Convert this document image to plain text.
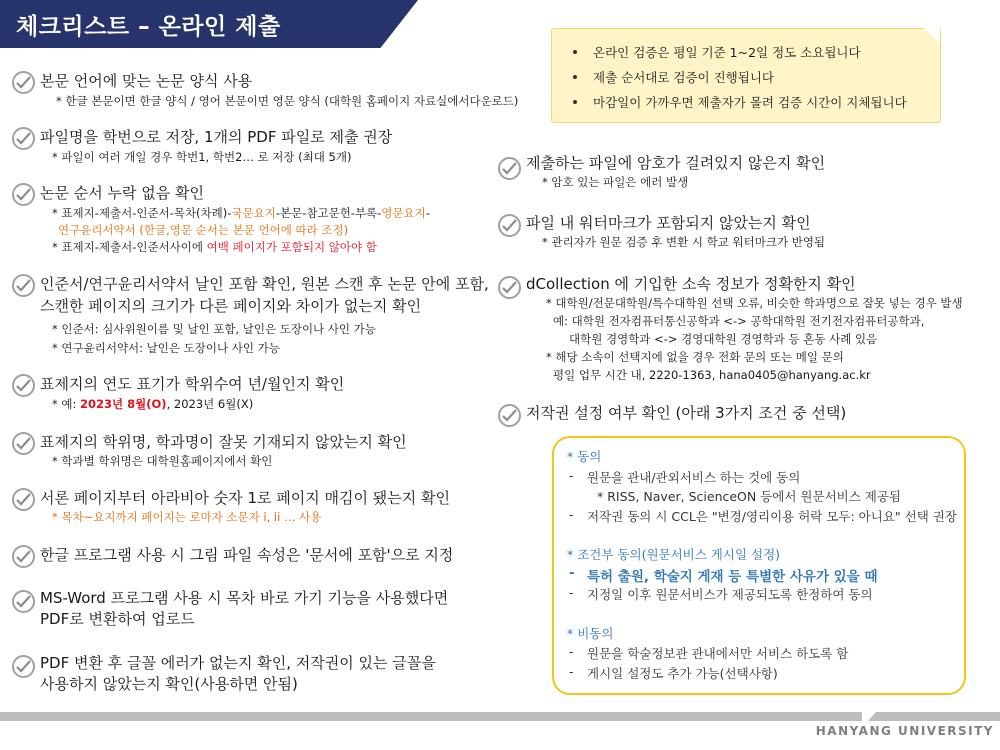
체크리스트 – 온라인 제출
온라인 검증은 평일 기준 1~2일 정도 소요됩니다
제출 순서대로 검증이 진행됩니다
마감일이 가까우면 제출자가 몰려 검증 시간이 지체됩니다
본문 언어에 맞는 논문 양식 사용
* 한글 본문이면 한글 양식 / 영어 본문이면 영문 양식 (대학원 홈페이지 자료실에서다운로드)
파일명을 학번으로 저장, 1개의 PDF 파일로 제출 권장
* 파일이 여러 개일 경우 학번1, 학번2… 로 저장 (최대 5개)
논문 순서 누락 없음 확인
* 표제지-제출서-인준서-목차(차례)-국문요지-본문-참고문헌-부록-영문요지-
연구윤리서약서 (한글,영문 순서는 본문 언어에 따라 조정)
* 표제지-제출서-인준서사이에 여백 페이지가 포함되지 않아야 함
인준서/연구윤리서약서 날인 포함 확인, 원본 스캔 후 논문 안에 포함,
스캔한 페이지의 크기가 다른 페이지와 차이가 없는지 확인
* 인준서: 심사위원이름 및 날인 포함, 날인은 도장이나 사인 가능
* 연구윤리서약서: 날인은 도장이나 사인 가능
표제지의 연도 표기가 학위수여 년/월인지 확인
* 예: 2023년 8월(O), 2023년 6월(X)
표제지의 학위명, 학과명이 잘못 기재되지 않았는지 확인
* 학과별 학위명은 대학원홈페이지에서 확인
서론 페이지부터 아라비아 숫자 1로 페이지 매김이 됐는지 확인
* 목차~요지까지 페이지는 로마자 소문자 i, ii … 사용
한글 프로그램 사용 시 그림 파일 속성은 '문서에 포함'으로 지정
MS-Word 프로그램 사용 시 목차 바로 가기 기능을 사용했다면
PDF로 변환하여 업로드
PDF 변환 후 글꼴 에러가 없는지 확인, 저작권이 있는 글꼴을
사용하지 않았는지 확인(사용하면 안됨)
제출하는 파일에 암호가 걸려있지 않은지 확인
* 암호 있는 파일은 에러 발생
파일 내 워터마크가 포함되지 않았는지 확인
* 관리자가 원문 검증 후 변환 시 학교 워터마크가 반영됨
dCollection 에 기입한 소속 정보가 정확한지 확인
* 대학원/전문대학원/특수대학원 선택 오류, 비슷한 학과명으로 잘못 넣는 경우 발생
예: 대학원 전자컴퓨터통신공학과 <-> 공학대학원 전기전자컴퓨터공학과,
대학원 경영학과 <-> 경영대학원 경영학과 등 혼동 사례 있음
* 해당 소속이 선택지에 없을 경우 전화 문의 또는 메일 문의
평일 업무 시간 내, 2220-1363, hana0405@hanyang.ac.kr
저작권 설정 여부 확인 (아래 3가지 조건 중 선택)
* 동의
- 원문을 관내/관외서비스 하는 것에 동의
* RISS, Naver, ScienceON 등에서 원문서비스 제공됨
- 저작권 동의 시 CCL은 "변경/영리이용 허락 모두: 아니요" 선택 권장
* 조건부 동의(원문서비스 게시일 설정)
- 특허 출원, 학술지 게재 등 특별한 사유가 있을 때
- 지정일 이후 원문서비스가 제공되도록 한정하여 동의
* 비동의
- 원문을 학술정보관 관내에서만 서비스 하도록 함
- 게시일 설정도 추가 가능(선택사항)
HANYANG UNIVERSITY
